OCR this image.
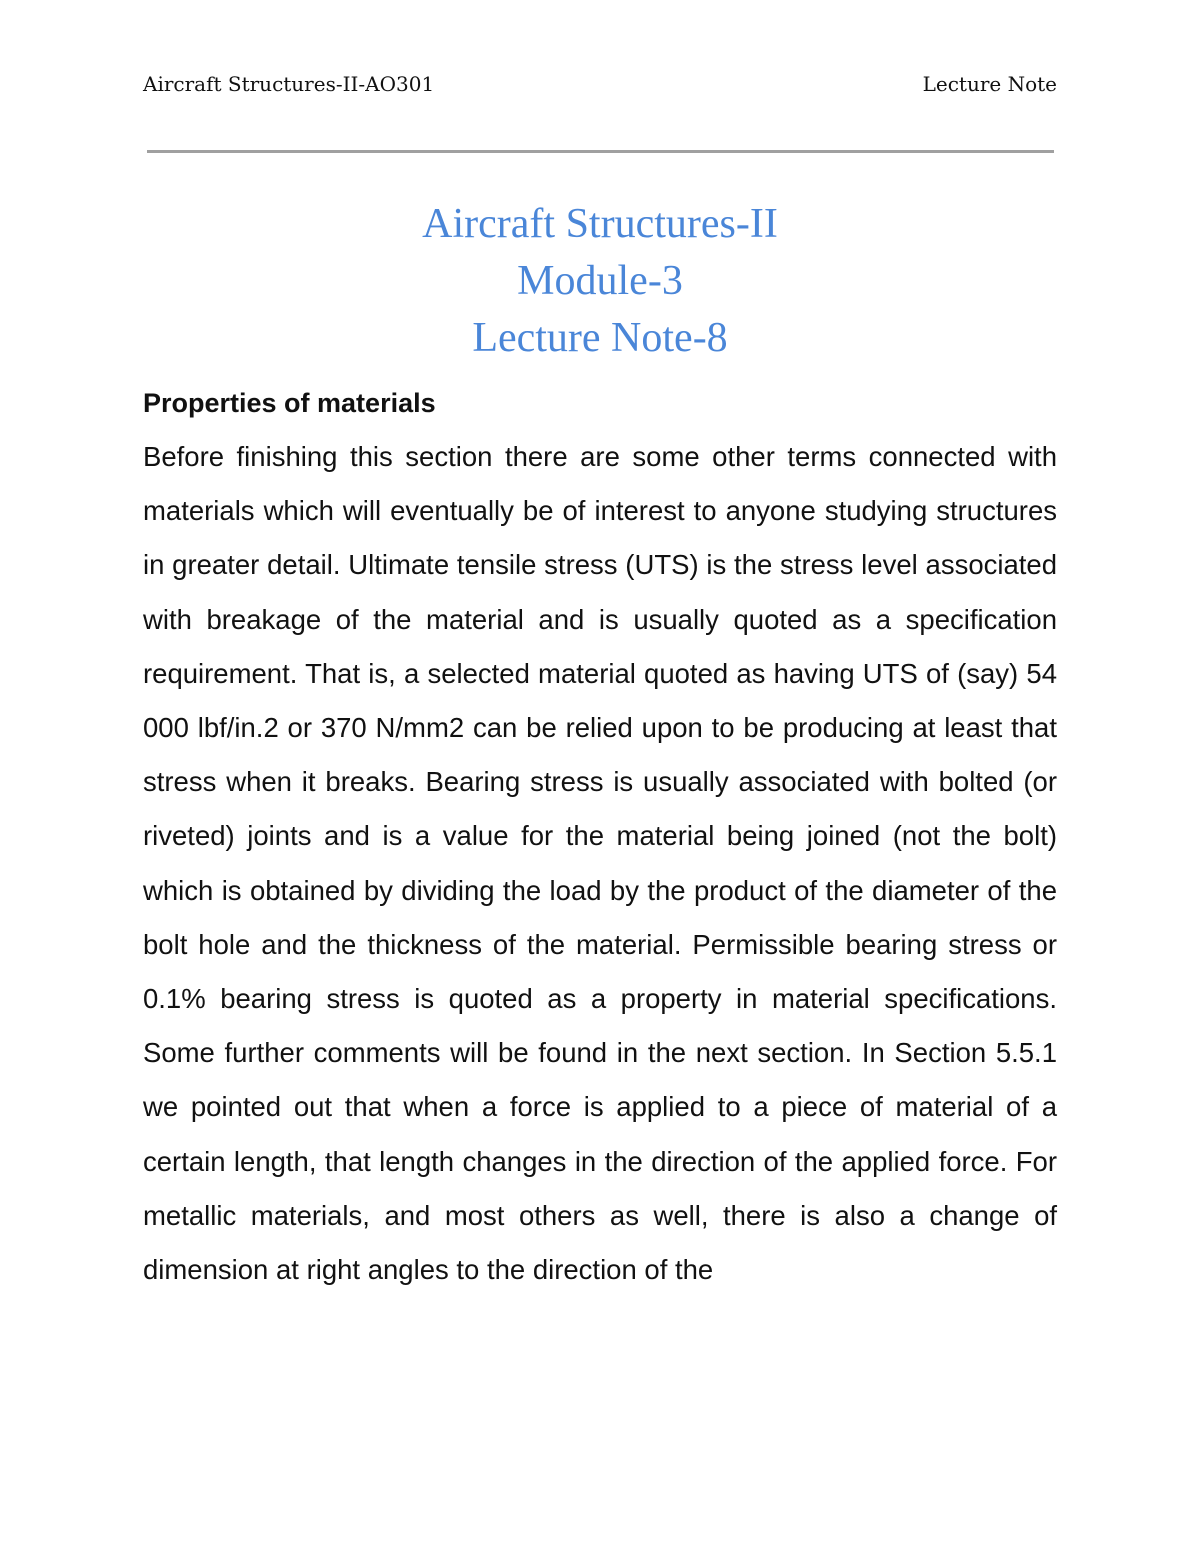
Aircraft Structures-II-AO301	Lecture Note
Aircraft Structures-II
Module-3
Lecture Note-8
Properties of materials

Before finishing this section there are some other terms connected with materials which will eventually be of interest to anyone studying structures in greater detail. Ultimate tensile stress (UTS) is the stress level associated with breakage of the material and is usually quoted as a specification requirement. That is, a selected material quoted as having UTS of (say) 54 000 lbf/in.2 or 370 N/mm2 can be relied upon to be producing at least that stress when it breaks. Bearing stress is usually associated with bolted (or riveted) joints and is a value for the material being joined (not the bolt) which is obtained by dividing the load by the product of the diameter of the bolt hole and the thickness of the material. Permissible bearing stress or 0.1% bearing stress is quoted as a property in material specifications. Some further comments will be found in the next section. In Section 5.5.1 we pointed out that when a force is applied to a piece of material of a certain length, that length changes in the direction of the applied force. For metallic materials, and most others as well, there is also a change of dimension at right angles to the direction of the
